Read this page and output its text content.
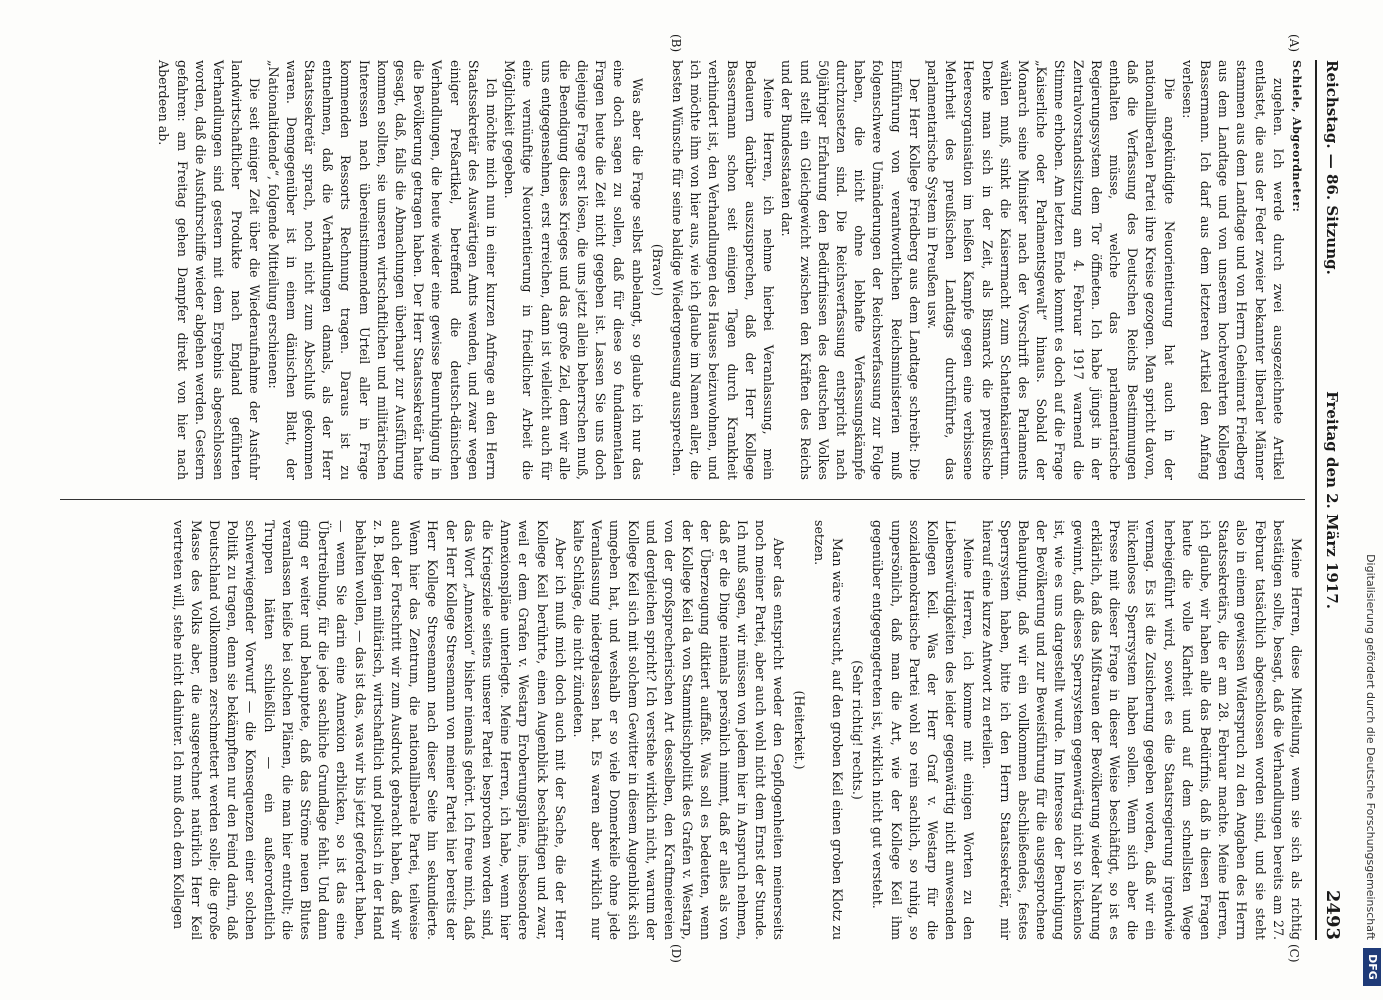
DFG
Digitalisierung gefördert durch die Deutsche Forschungsgemeinschaft
Reichstag. — 86. Sitzung.
Freitag den 2. März 1917.
2493
(A)
(B)
(C)
(D)

Schiele, Abgeordneter:

zugehen. Ich werde durch zwei ausgezeichnete Artikel entlastet, die aus der Feder zweier bekannter liberaler Männer stammen aus dem Landtage und von Herrn Geheimrat Friedberg aus dem Landtage und von unserem hochverehrten Kollegen Bassermann. Ich darf aus dem letzteren Artikel den Anfang verlesen:

Die angekündigte Neuorientierung hat auch in der nationalliberalen Partei ihre Kreise gezogen. Man spricht davon, daß die Verfassung des Deutschen Reichs Bestimmungen enthalten müsse, welche das parlamentarische Regierungssystem dem Tor öffneten. Ich habe jüngst in der Zentralvorstandssitzung am 4. Februar 1917 warnend die Stimme erhoben. Am letzten Ende kommt es doch auf die Frage „Kaiserliche oder Parlamentsgewalt“ hinaus. Sobald der Monarch seine Minister nach der Vorschrift des Parlaments wählen muß, sinkt die Kaisermacht zum Schattenkaisertum. Denke man sich in der Zeit, als Bismarck die preußische Heeresorganisation im heißen Kampfe gegen eine verbissene Mehrheit des preußischen Landtags durchführte, das parlamentarische System in Preußen usw.

Der Herr Kollege Friedberg aus dem Landtage schreibt: Die Einführung von verantwortlichen Reichsministerien muß folgenschwere Umänderungen der Reichsverfassung zur Folge haben, die nicht ohne lebhafte Verfassungskämpfe durchzusetzen sind. Die Reichsverfassung entspricht nach 50jähriger Erfahrung den Bedürfnissen des deutschen Volkes und stellt ein Gleichgewicht zwischen den Kräften des Reichs und der Bundesstaaten dar.

Meine Herren, ich nehme hierbei Veranlassung, mein Bedauern darüber auszusprechen, daß der Herr Kollege Bassermann schon seit einigen Tagen durch Krankheit verhindert ist, den Verhandlungen des Hauses beizuwohnen, und ich möchte ihm von hier aus, wie ich glaube im Namen aller, die besten Wünsche für seine baldige Wiedergenesung aussprechen.

(Bravo!)

Was aber die Frage selbst anbelangt, so glaube ich nur das eine doch sagen zu sollen, daß für diese so fundamentalen Fragen heute die Zeit nicht gegeben ist. Lassen Sie uns doch diejenige Frage erst lösen, die uns jetzt allein beherrschen muß, die Beendigung dieses Krieges und das große Ziel, dem wir alle uns entgegensehnen, erst erreichen, dann ist vielleicht auch für eine vernünftige Neuorientierung in friedlicher Arbeit die Möglichkeit gegeben.

Ich möchte mich nun in einer kurzen Anfrage an den Herrn Staatssekretär des Auswärtigen Amts wenden, und zwar wegen einiger Preßartikel, betreffend die deutsch-dänischen Verhandlungen, die heute wieder eine gewisse Beunruhigung in die Bevölkerung getragen haben. Der Herr Staatssekretär hatte gesagt, daß, falls die Abmachungen überhaupt zur Ausführung kommen sollten, sie unseren wirtschaftlichen und militärischen Interessen nach übereinstimmendem Urteil aller in Frage kommenden Ressorts Rechnung tragen. Daraus ist zu entnehmen, daß die Verhandlungen damals, als der Herr Staatssekretär sprach, noch nicht zum Abschluß gekommen waren. Demgegenüber ist in einem dänischen Blatt, der „Nationaltidende“, folgende Mitteilung erschienen:

Die seit einiger Zeit über die Wiederaufnahme der Ausfuhr landwirtschaftlicher Produkte nach England geführten Verhandlungen sind gestern mit dem Ergebnis abgeschlossen worden, daß die Ausfuhrschiffe wieder abgehen werden. Gestern gefahren: am Freitag gehen Dampfer direkt von hier nach Aberdeen ab.

Meine Herren, diese Mitteilung, wenn sie sich als richtig bestätigen sollte, besagt, daß die Verhandlungen bereits am 27. Februar tatsächlich abgeschlossen worden sind, und sie steht also in einem gewissen Widerspruch zu den Angaben des Herrn Staatssekretärs, die er am 28. Februar machte. Meine Herren, ich glaube, wir haben alle das Bedürfnis, daß in diesen Fragen heute die volle Klarheit und auf dem schnellsten Wege herbeigeführt wird, soweit es die Staatsregierung irgendwie vermag. Es ist die Zusicherung gegeben worden, daß wir ein lückenloses Sperrsystem haben sollen. Wenn sich aber die Presse mit dieser Frage in dieser Weise beschäftigt, so ist es erklärlich, daß das Mißtrauen der Bevölkerung wieder Nahrung gewinnt, daß dieses Sperrsystem gegenwärtig nicht so lückenlos ist, wie es uns dargestellt wurde. Im Interesse der Beruhigung der Bevölkerung und zur Beweisführung für die ausgesprochene Behauptung, daß wir ein vollkommen abschließendes, festes Sperrsystem haben, bitte ich den Herrn Staatssekretär, mir hierauf eine kurze Antwort zu erteilen.

Meine Herren, ich komme mit einigen Worten zu den Liebenswürdigkeiten des leider gegenwärtig nicht anwesenden Kollegen Keil. Was der Herr Graf v. Westarp für die sozialdemokratische Partei wohl so rein sachlich, so ruhig, so unpersönlich, daß man die Art, wie der Kollege Keil ihm gegenüber entgegengetreten ist, wirklich nicht gut versteht.

(Sehr richtig! rechts.)

Man wäre versucht, auf den groben Keil einen groben Klotz zu setzen.

(Heiterkeit.)

Aber das entspricht weder den Gepflogenheiten meinerseits noch meiner Partei, aber auch wohl nicht dem Ernst der Stunde. Ich muß sagen, wir müssen von jedem hier in Anspruch nehmen, daß er die Dinge niemals persönlich nimmt, daß er alles als von der Überzeugung diktiert auffaßt. Was soll es bedeuten, wenn der Kollege Keil da von Stammtischpolitik des Grafen v. Westarp, von der großsprecherischen Art desselben, den Kraftmeiereien und dergleichen spricht? Ich verstehe wirklich nicht, warum der Kollege Keil sich mit solchem Gewitter in diesem Augenblick sich umgeben hat, und weshalb er so viele Donnerkeile ohne jede Veranlassung niedergelassen hat. Es waren aber wirklich nur kalte Schläge, die nicht zündeten.

Aber ich muß mich doch auch mit der Sache, die der Herr Kollege Keil berührte, einen Augenblick beschäftigen und zwar, weil er dem Grafen v. Westarp Eroberungspläne, insbesondere Annexionspläne unterlegte. Meine Herren, ich habe, wenn hier die Kriegsziele seitens unserer Partei besprochen worden sind, das Wort „Annexion“ bisher niemals gehört. Ich freue mich, daß der Herr Kollege Stresemann von meiner Partei hier bereits der Herr Kollege Stresemann nach dieser Seite hin sekundierte. Wenn hier das Zentrum, die nationalliberale Partei, teilweise auch der Fortschritt wir zum Ausdruck gebracht haben, daß wir z. B. Belgien militärisch, wirtschaftlich und politisch in der Hand behalten wollen, — das ist das, was wir bis jetzt gefordert haben, — wenn Sie darin eine Annexion erblicken, so ist das eine Übertreibung, für die jede sachliche Grundlage fehlt. Und dann ging er weiter und behauptete, daß das Ströme neuen Blutes veranlassen heiße bei solchen Plänen, die man hier entrollt; die Truppen hätten schließlich — ein außerordentlich schwerwiegender Vorwurf — die Konsequenzen einer solchen Politik zu tragen, denn sie bekämpften nur den Feind darin, daß Deutschland vollkommen zerschmettert werden solle; die große Masse des Volks aber, die ausgerechnet natürlich Herr Keil vertreten will, stehe nicht dahinter. Ich muß doch dem Kollegen
